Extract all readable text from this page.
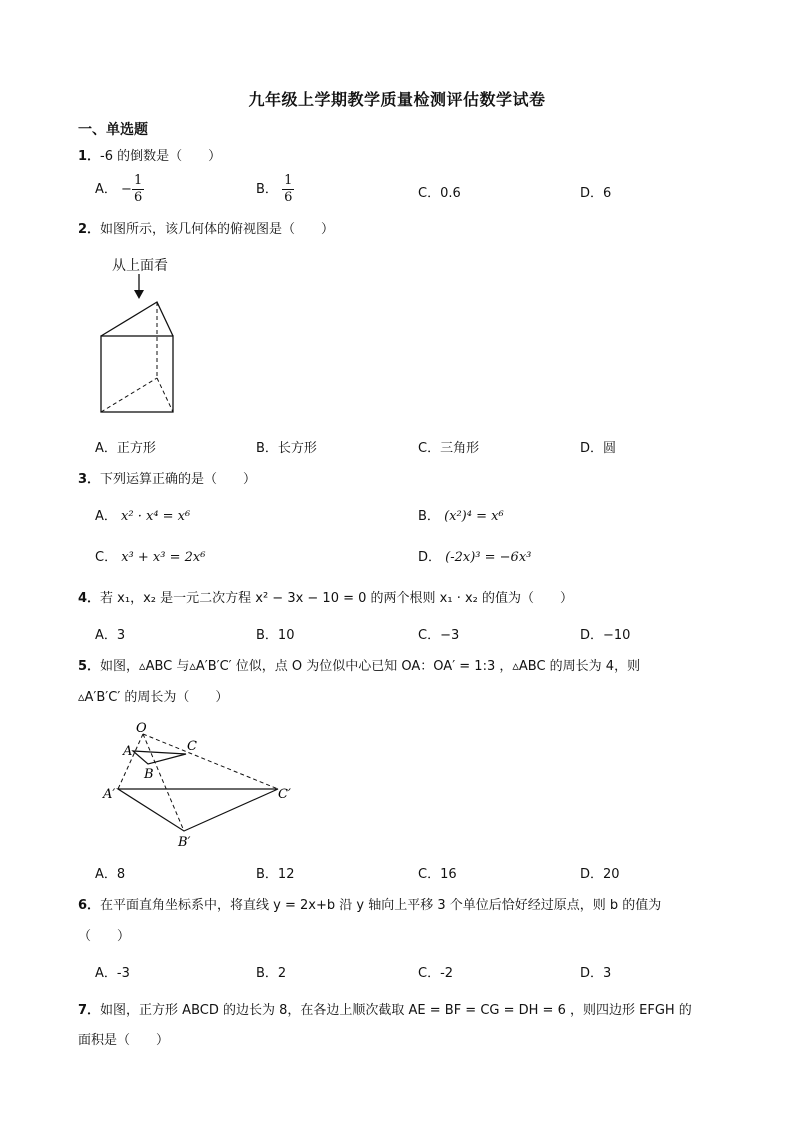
九年级上学期教学质量检测评估数学试卷
一、单选题
1．-6 的倒数是（　　）
A． − $\frac{1}{6}$	B． $\frac{1}{6}$	C．0.6	D．6
2．如图所示，该几何体的俯视图是（　　）
从上面看
A．正方形	B．长方形	C．三角形	D．圆
3．下列运算正确的是（　　）
A． x² · x⁴ = x⁶	B． (x²)⁴ = x⁶
C． x³ + x³ = 2x⁶	D． (-2x)³ = −6x³
4．若 x₁，x₂ 是一元二次方程 x² − 3x − 10 = 0 的两个根则 x₁ · x₂ 的值为（　　）
A．3	B．10	C．−3	D．−10
5．如图，▵ABC 与▵A′B′C′ 位似，点 O 为位似中心已知 OA：OA′ = 1:3 ，▵ABC 的周长为 4，则
▵A′B′C′ 的周长为（　　）
O
A
B
C
A′
B′
C′
A．8	B．12	C．16	D．20
6．在平面直角坐标系中，将直线 y = 2x+b 沿 y 轴向上平移 3 个单位后恰好经过原点，则 b 的值为
（　　）
A．-3	B．2	C．-2	D．3
7．如图，正方形 ABCD 的边长为 8，在各边上顺次截取 AE = BF = CG = DH = 6 ，则四边形 EFGH 的
面积是（　　）
